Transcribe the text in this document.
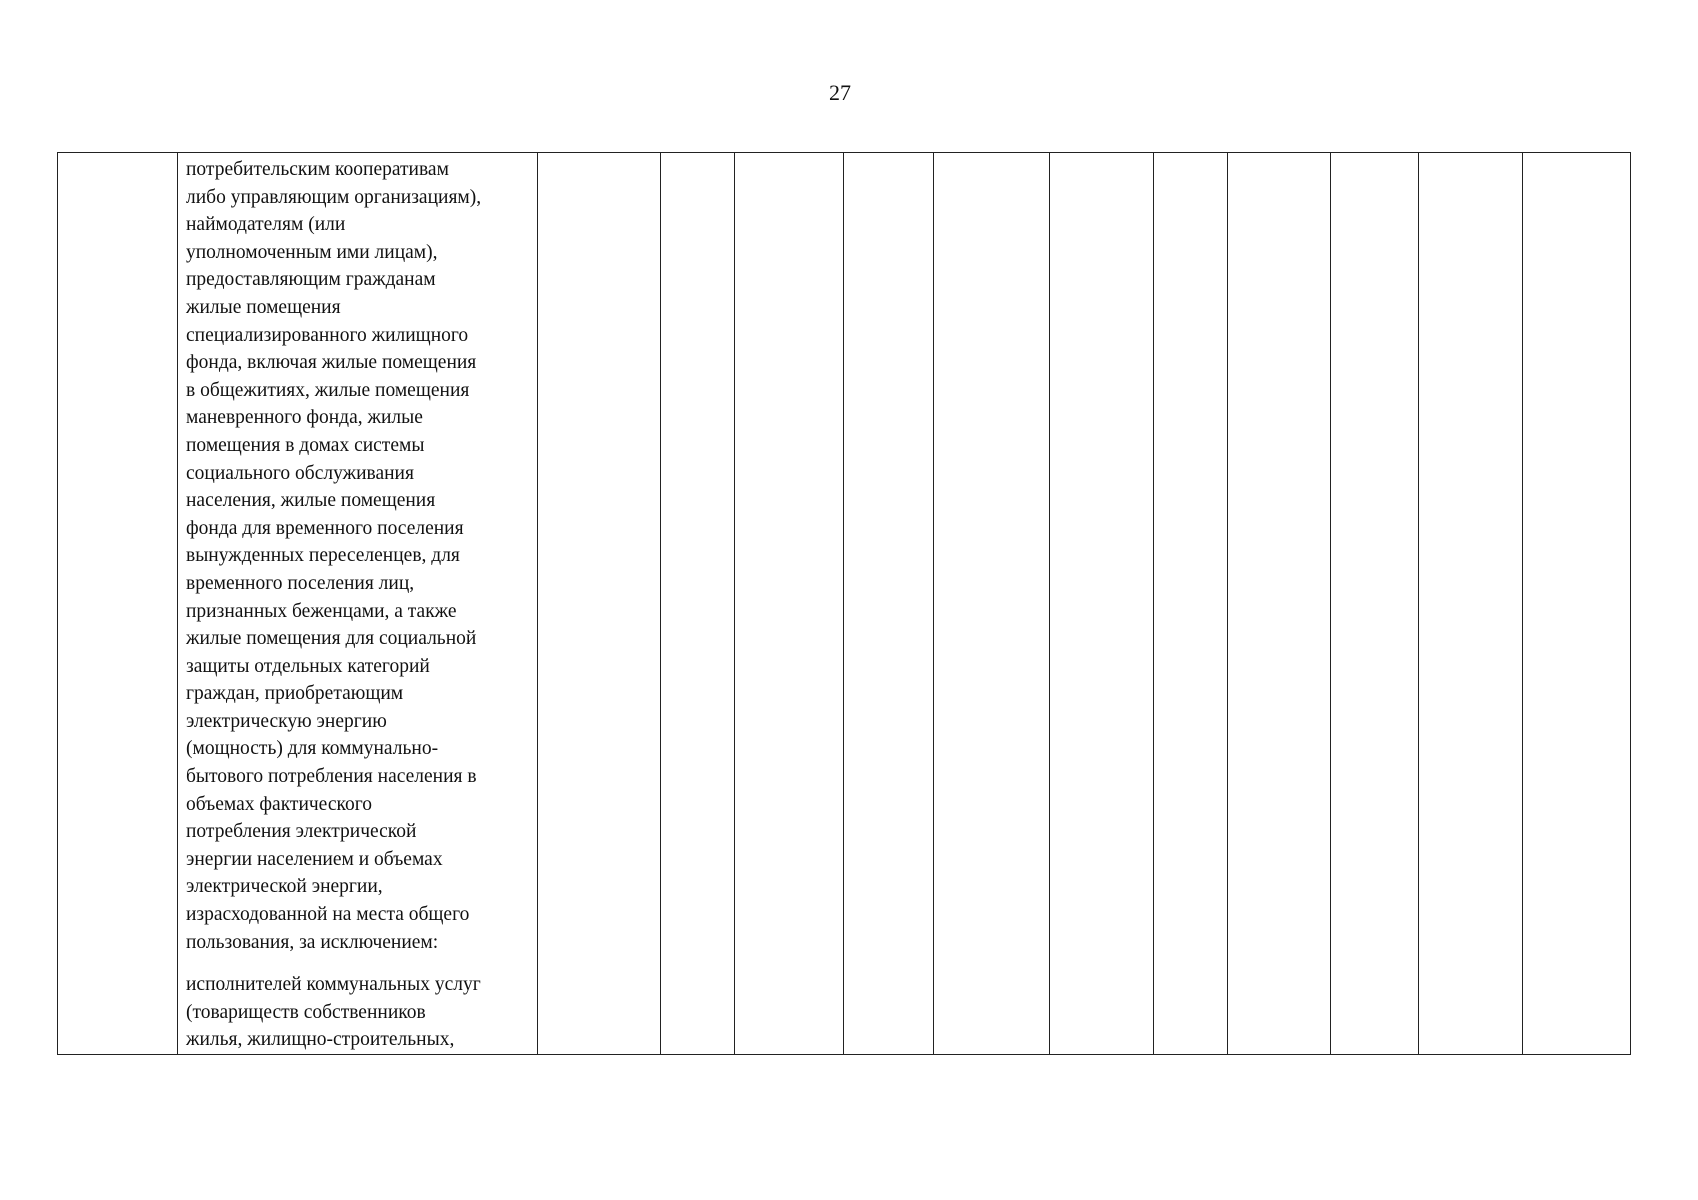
27

потребительским кооперативам
либо управляющим организациям),
наймодателям (или
уполномоченным ими лицам),
предоставляющим гражданам
жилые помещения
специализированного жилищного
фонда, включая жилые помещения
в общежитиях, жилые помещения
маневренного фонда, жилые
помещения в домах системы
социального обслуживания
населения, жилые помещения
фонда для временного поселения
вынужденных переселенцев, для
временного поселения лиц,
признанных беженцами, а также
жилые помещения для социальной
защиты отдельных категорий
граждан, приобретающим
электрическую энергию
(мощность) для коммунально-
бытового потребления населения в
объемах фактического
потребления электрической
энергии населением и объемах
электрической энергии,
израсходованной на места общего
пользования, за исключением:
исполнителей коммунальных услуг
(товариществ собственников
жилья, жилищно-строительных,
